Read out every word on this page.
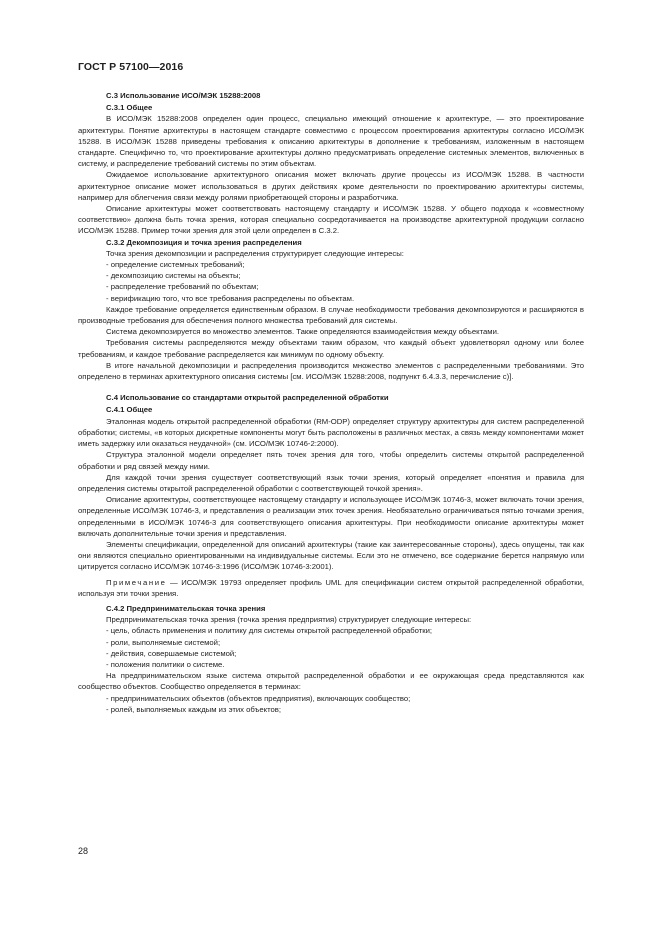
ГОСТ Р 57100—2016
С.3 Использование ИСО/МЭК 15288:2008
С.3.1 Общее

В ИСО/МЭК 15288:2008 определен один процесс, специально имеющий отношение к архитектуре, — это проектирование архитектуры. Понятие архитектуры в настоящем стандарте совместимо с процессом проектирования архитектуры согласно ИСО/МЭК 15288. В ИСО/МЭК 15288 приведены требования к описанию архитектуры в дополнение к требованиям, изложенным в настоящем стандарте. Специфично то, что проектирование архитектуры должно предусматривать определение системных элементов, включенных в систему, и распределение требований системы по этим объектам.

Ожидаемое использование архитектурного описания может включать другие процессы из ИСО/МЭК 15288. В частности архитектурное описание может использоваться в других действиях кроме деятельности по проектированию архитектуры системы, например для облегчения связи между ролями приобретающей стороны и разработчика.

Описание архитектуры может соответствовать настоящему стандарту и ИСО/МЭК 15288. У общего подхода к «совместному соответствию» должна быть точка зрения, которая специально сосредотачивается на производстве архитектурной продукции согласно ИСО/МЭК 15288. Пример точки зрения для этой цели определен в С.3.2.

С.3.2 Декомпозиция и точка зрения распределения

Точка зрения декомпозиции и распределения структурирует следующие интересы:

- определение системных требований;
- декомпозицию системы на объекты;
- распределение требований по объектам;
- верификацию того, что все требования распределены по объектам.

Каждое требование определяется единственным образом. В случае необходимости требования декомпозируются и расширяются в производные требования для обеспечения полного множества требований для системы.

Система декомпозируется во множество элементов. Также определяются взаимодействия между объектами.

Требования системы распределяются между объектами таким образом, что каждый объект удовлетворял одному или более требованиям, и каждое требование распределяется как минимум по одному объекту.

В итоге начальной декомпозиции и распределения производится множество элементов с распределенными требованиями. Это определено в терминах архитектурного описания системы [см. ИСО/МЭК 15288:2008, подпункт 6.4.3.3, перечисление с)].

С.4 Использование со стандартами открытой распределенной обработки
С.4.1 Общее

Эталонная модель открытой распределенной обработки (RM-ODP) определяет структуру архитектуры для систем распределенной обработки; системы, «в которых дискретные компоненты могут быть расположены в различных местах, а связь между компонентами может иметь задержку или оказаться неудачной» (см. ИСО/МЭК 10746-2:2000).

Структура эталонной модели определяет пять точек зрения для того, чтобы определить системы открытой распределенной обработки и ряд связей между ними.

Для каждой точки зрения существует соответствующий язык точки зрения, который определяет «понятия и правила для определения системы открытой распределенной обработки с соответствующей точкой зрения».

Описание архитектуры, соответствующее настоящему стандарту и использующее ИСО/МЭК 10746-3, может включать точки зрения, определенные ИСО/МЭК 10746-3, и представления о реализации этих точек зрения. Необязательно ограничиваться пятью точками зрения, определенными в ИСО/МЭК 10746-3 для соответствующего описания архитектуры. При необходимости описание архитектуры может включать дополнительные точки зрения и представления.

Элементы спецификации, определенной для описаний архитектуры (такие как заинтересованные стороны), здесь опущены, так как они являются специально ориентированными на индивидуальные системы. Если это не отмечено, все содержание берется напрямую или цитируется согласно ИСО/МЭК 10746-3:1996 (ИСО/МЭК 10746-3:2001).

Примечание — ИСО/МЭК 19793 определяет профиль UML для спецификации систем открытой распределенной обработки, используя эти точки зрения.

С.4.2 Предпринимательская точка зрения

Предпринимательская точка зрения (точка зрения предприятия) структурирует следующие интересы:

- цель, область применения и политику для системы открытой распределенной обработки;
- роли, выполняемые системой;
- действия, совершаемые системой;
- положения политики о системе.

На предпринимательском языке система открытой распределенной обработки и ее окружающая среда представляются как сообщество объектов. Сообщество определяется в терминах:

- предпринимательских объектов (объектов предприятия), включающих сообщество;
- ролей, выполняемых каждым из этих объектов;
28
